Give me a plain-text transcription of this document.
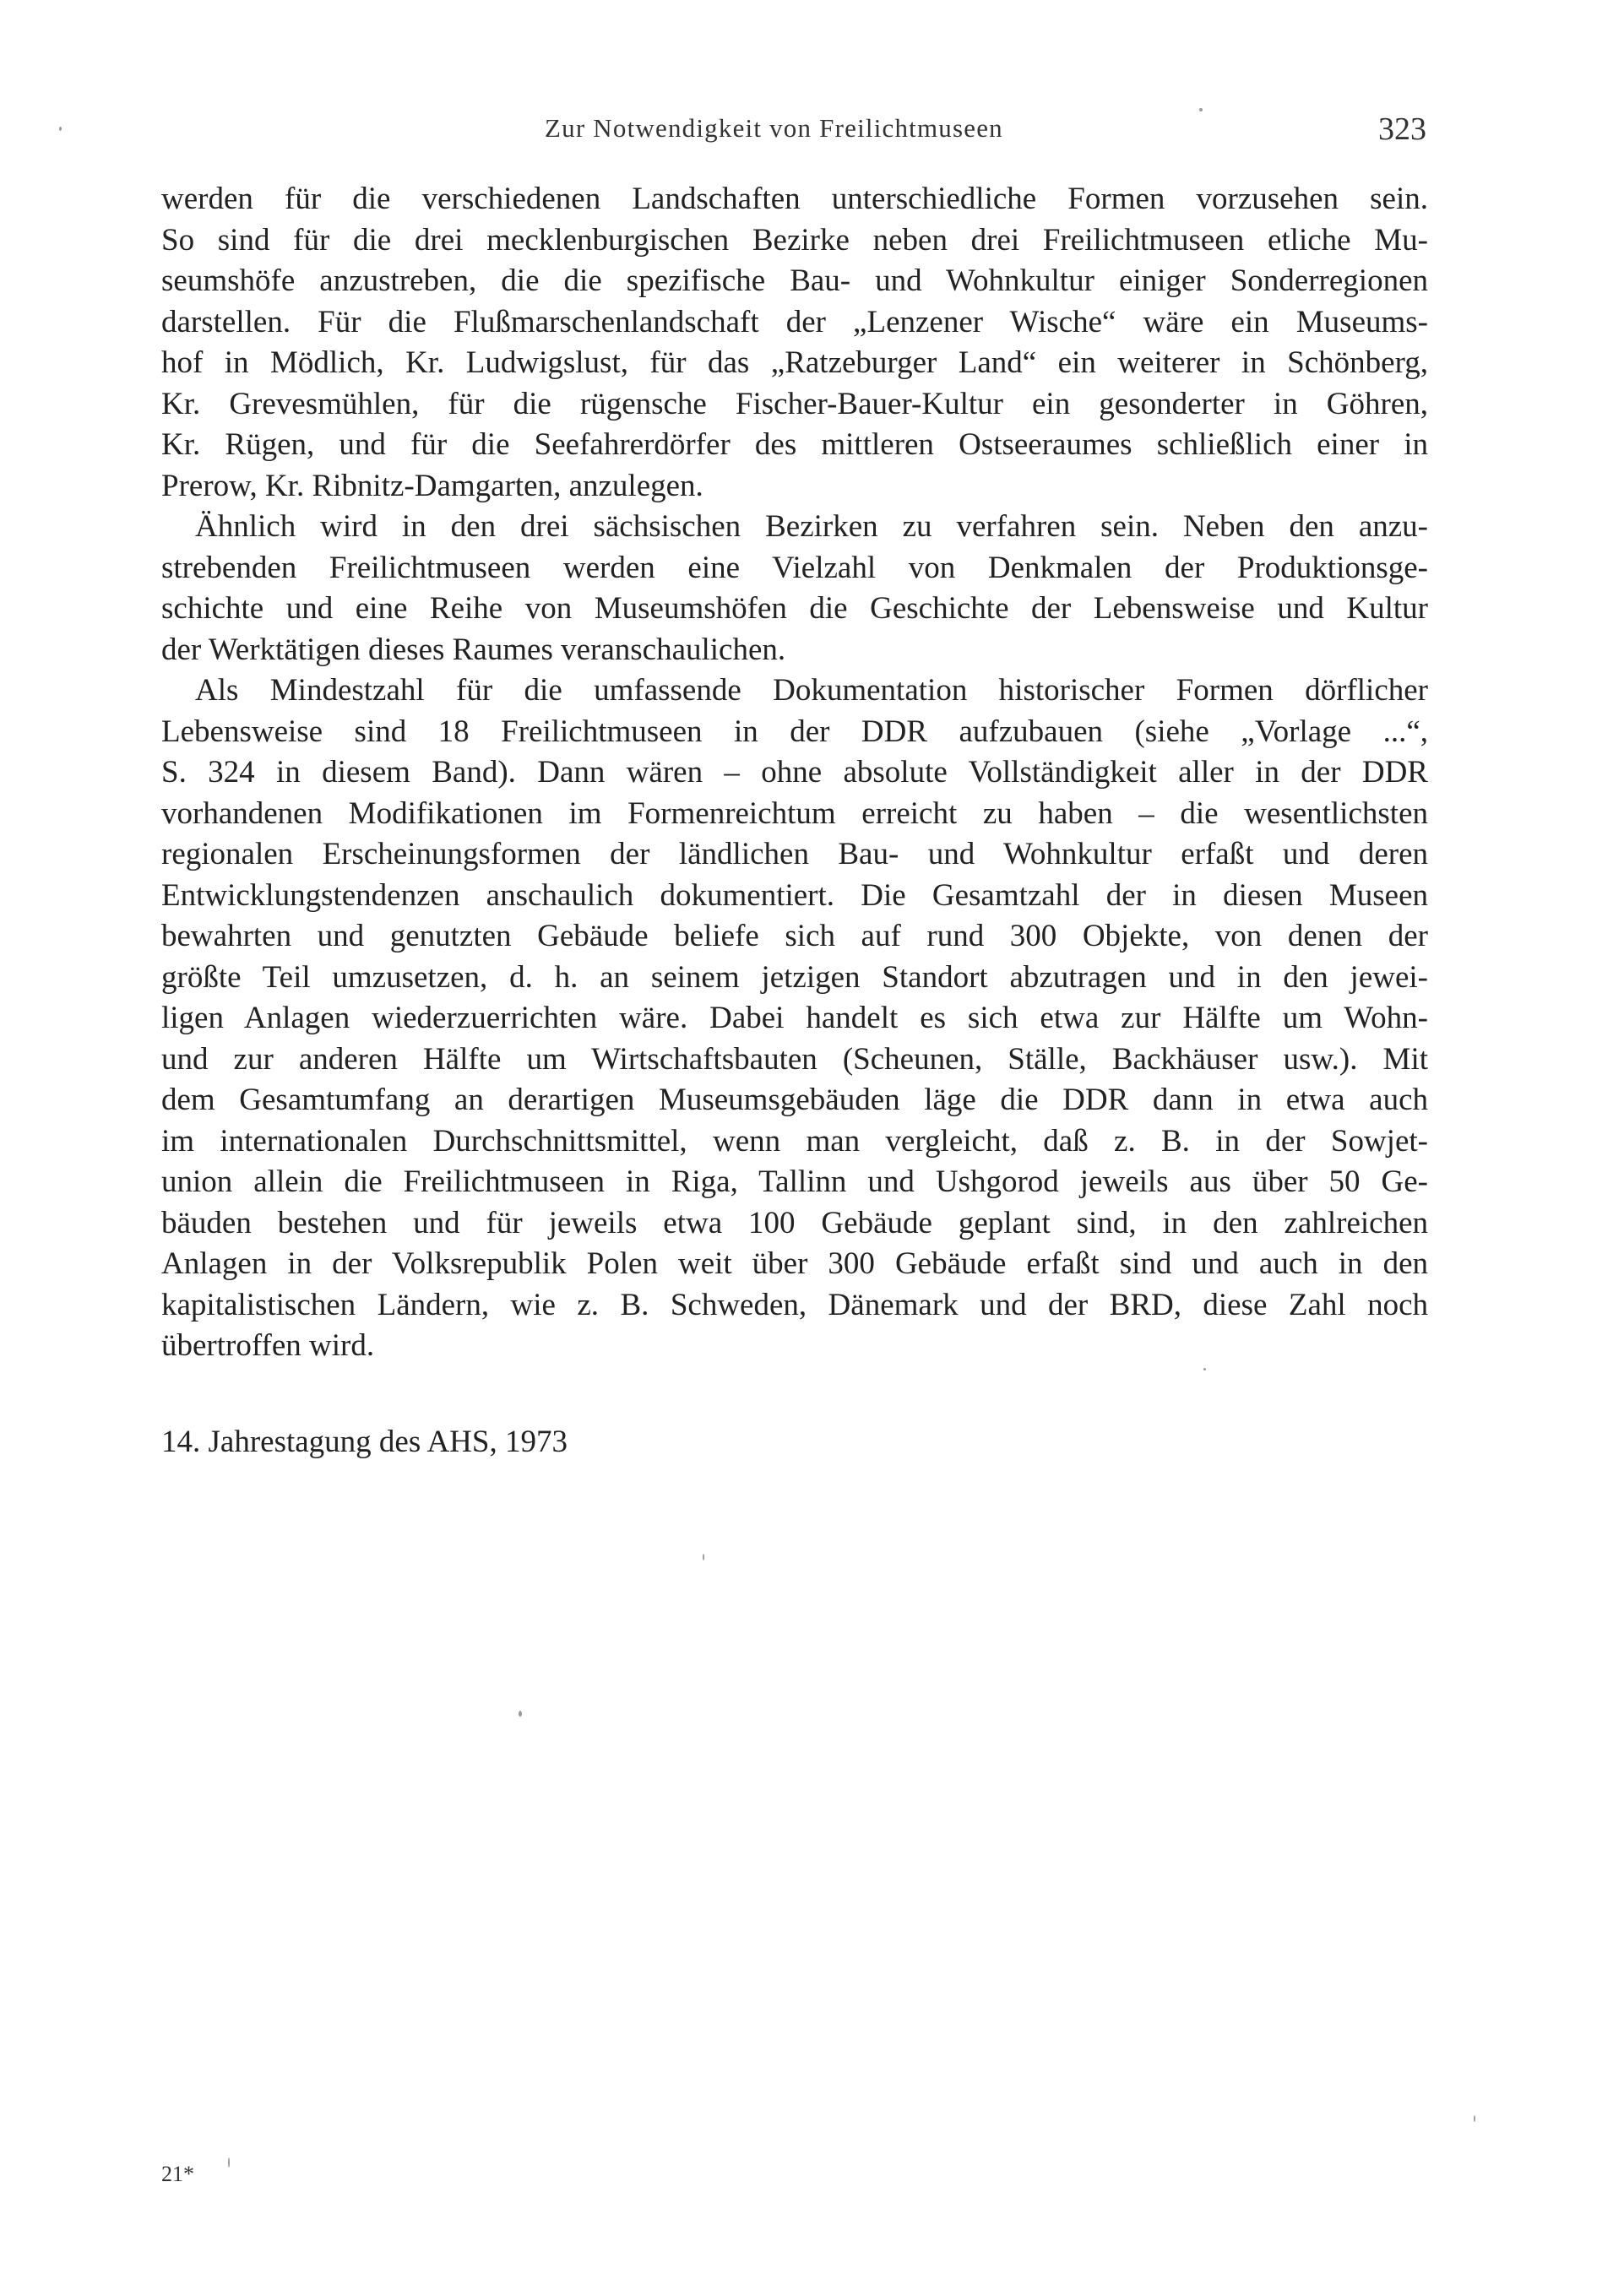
Zur Notwendigkeit von Freilichtmuseen	323
werden für die verschiedenen Landschaften unterschiedliche Formen vorzusehen sein.
So sind für die drei mecklenburgischen Bezirke neben drei Freilichtmuseen etliche Mu-
seumshöfe anzustreben, die die spezifische Bau- und Wohnkultur einiger Sonderregionen
darstellen. Für die Flußmarschenlandschaft der „Lenzener Wische“ wäre ein Museums-
hof in Mödlich, Kr. Ludwigslust, für das „Ratzeburger Land“ ein weiterer in Schönberg,
Kr. Grevesmühlen, für die rügensche Fischer-Bauer-Kultur ein gesonderter in Göhren,
Kr. Rügen, und für die Seefahrerdörfer des mittleren Ostseeraumes schließlich einer in
Prerow, Kr. Ribnitz-Damgarten, anzulegen.
Ähnlich wird in den drei sächsischen Bezirken zu verfahren sein. Neben den anzu-
strebenden Freilichtmuseen werden eine Vielzahl von Denkmalen der Produktionsge-
schichte und eine Reihe von Museumshöfen die Geschichte der Lebensweise und Kultur
der Werktätigen dieses Raumes veranschaulichen.
Als Mindestzahl für die umfassende Dokumentation historischer Formen dörflicher
Lebensweise sind 18 Freilichtmuseen in der DDR aufzubauen (siehe „Vorlage ...“,
S. 324 in diesem Band). Dann wären – ohne absolute Vollständigkeit aller in der DDR
vorhandenen Modifikationen im Formenreichtum erreicht zu haben – die wesentlichsten
regionalen Erscheinungsformen der ländlichen Bau- und Wohnkultur erfaßt und deren
Entwicklungstendenzen anschaulich dokumentiert. Die Gesamtzahl der in diesen Museen
bewahrten und genutzten Gebäude beliefe sich auf rund 300 Objekte, von denen der
größte Teil umzusetzen, d. h. an seinem jetzigen Standort abzutragen und in den jewei-
ligen Anlagen wiederzuerrichten wäre. Dabei handelt es sich etwa zur Hälfte um Wohn-
und zur anderen Hälfte um Wirtschaftsbauten (Scheunen, Ställe, Backhäuser usw.). Mit
dem Gesamtumfang an derartigen Museumsgebäuden läge die DDR dann in etwa auch
im internationalen Durchschnittsmittel, wenn man vergleicht, daß z. B. in der Sowjet-
union allein die Freilichtmuseen in Riga, Tallinn und Ushgorod jeweils aus über 50 Ge-
bäuden bestehen und für jeweils etwa 100 Gebäude geplant sind, in den zahlreichen
Anlagen in der Volksrepublik Polen weit über 300 Gebäude erfaßt sind und auch in den
kapitalistischen Ländern, wie z. B. Schweden, Dänemark und der BRD, diese Zahl noch
übertroffen wird.
14. Jahrestagung des AHS, 1973
21*
